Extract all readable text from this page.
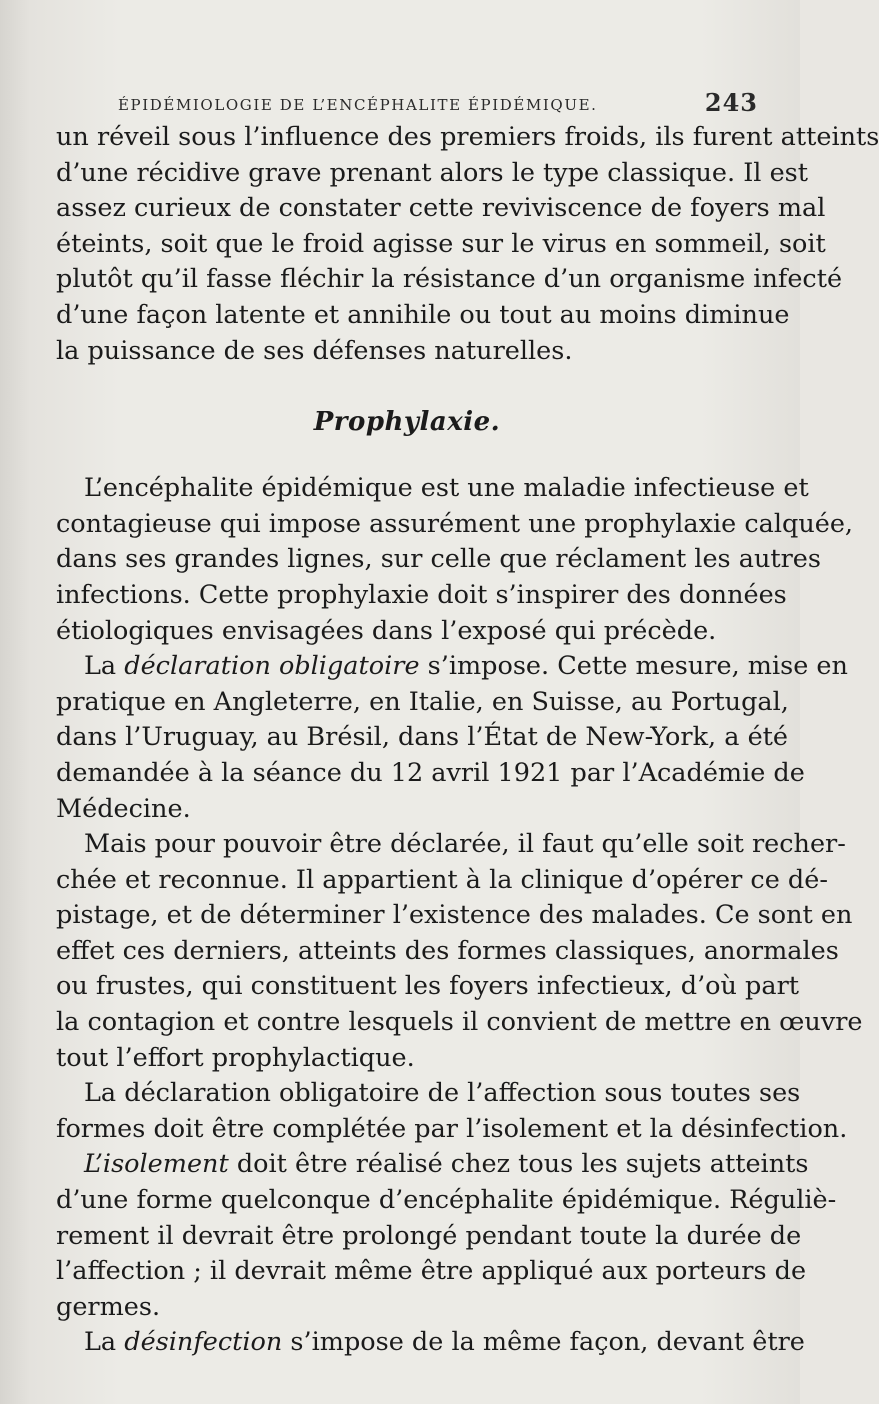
ÉPIDÉMIOLOGIE DE L’ENCÉPHALITE ÉPIDÉMIQUE.	243
un réveil sous l’influence des premiers froids, ils furent atteints
d’une récidive grave prenant alors le type classique. Il est
assez curieux de constater cette reviviscence de foyers mal
éteints, soit que le froid agisse sur le virus en sommeil, soit
plutôt qu’il fasse fléchir la résistance d’un organisme infecté
d’une façon latente et annihile ou tout au moins diminue
la puissance de ses défenses naturelles.
Prophylaxie.
L’encéphalite épidémique est une maladie infectieuse et
contagieuse qui impose assurément une prophylaxie calquée,
dans ses grandes lignes, sur celle que réclament les autres
infections. Cette prophylaxie doit s’inspirer des données
étiologiques envisagées dans l’exposé qui précède.
La déclaration obligatoire s’impose. Cette mesure, mise en
pratique en Angleterre, en Italie, en Suisse, au Portugal,
dans l’Uruguay, au Brésil, dans l’État de New-York, a été
demandée à la séance du 12 avril 1921 par l’Académie de
Médecine.
Mais pour pouvoir être déclarée, il faut qu’elle soit recher-
chée et reconnue. Il appartient à la clinique d’opérer ce dé-
pistage, et de déterminer l’existence des malades. Ce sont en
effet ces derniers, atteints des formes classiques, anormales
ou frustes, qui constituent les foyers infectieux, d’où part
la contagion et contre lesquels il convient de mettre en œuvre
tout l’effort prophylactique.
La déclaration obligatoire de l’affection sous toutes ses
formes doit être complétée par l’isolement et la désinfection.
L’isolement doit être réalisé chez tous les sujets atteints
d’une forme quelconque d’encéphalite épidémique. Réguliè-
rement il devrait être prolongé pendant toute la durée de
l’affection ; il devrait même être appliqué aux porteurs de
germes.
La désinfection s’impose de la même façon, devant être
